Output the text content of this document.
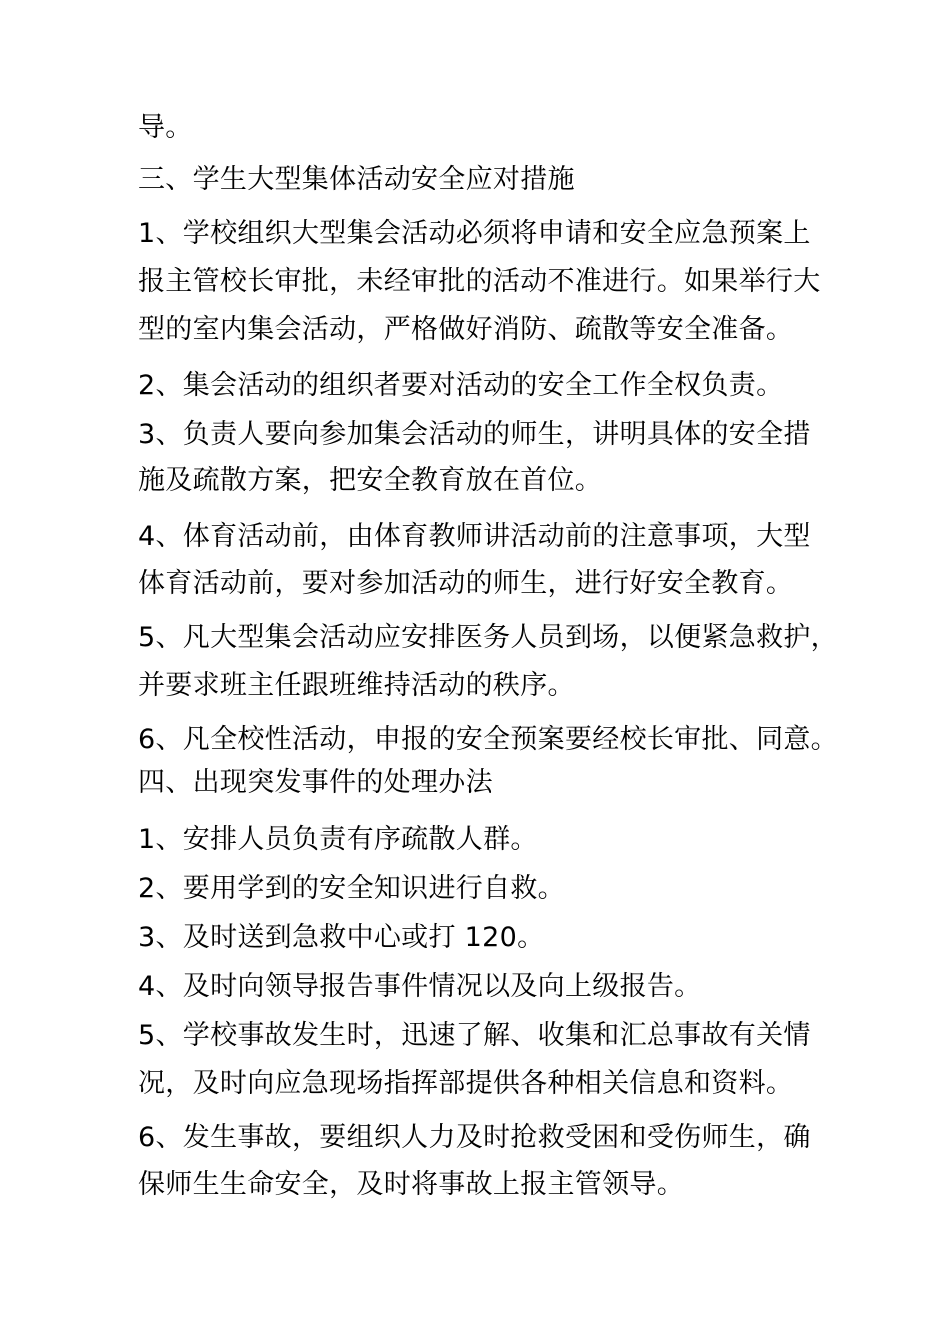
导。
三、学生大型集体活动安全应对措施
1、学校组织大型集会活动必须将申请和安全应急预案上
报主管校长审批，未经审批的活动不准进行。如果举行大
型的室内集会活动，严格做好消防、疏散等安全准备。
2、集会活动的组织者要对活动的安全工作全权负责。
3、负责人要向参加集会活动的师生，讲明具体的安全措
施及疏散方案，把安全教育放在首位。
4、体育活动前，由体育教师讲活动前的注意事项，大型
体育活动前，要对参加活动的师生，进行好安全教育。
5、凡大型集会活动应安排医务人员到场，以便紧急救护，
并要求班主任跟班维持活动的秩序。
6、凡全校性活动，申报的安全预案要经校长审批、同意。
四、出现突发事件的处理办法
1、安排人员负责有序疏散人群。
2、要用学到的安全知识进行自救。
3、及时送到急救中心或打 120。
4、及时向领导报告事件情况以及向上级报告。
5、学校事故发生时，迅速了解、收集和汇总事故有关情
况，及时向应急现场指挥部提供各种相关信息和资料。
6、发生事故，要组织人力及时抢救受困和受伤师生，确
保师生生命安全，及时将事故上报主管领导。
